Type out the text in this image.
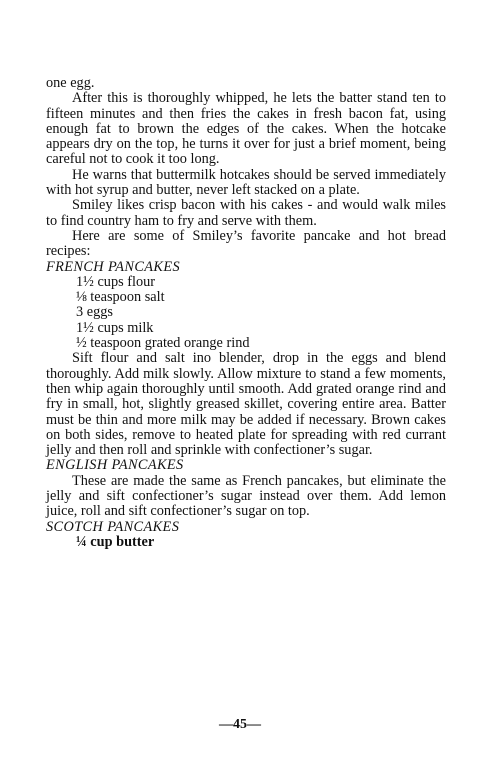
one egg.

After this is thoroughly whipped, he lets the batter stand ten to fifteen minutes and then fries the cakes in fresh bacon fat, using enough fat to brown the edges of the cakes. When the hotcake appears dry on the top, he turns it over for just a brief moment, being careful not to cook it too long.

He warns that buttermilk hotcakes should be served immediately with hot syrup and butter, never left stacked on a plate.

Smiley likes crisp bacon with his cakes - and would walk miles to find country ham to fry and serve with them.

Here are some of Smiley’s favorite pancake and hot bread recipes:

FRENCH PANCAKES

1½ cups flour

⅛ teaspoon salt

3 eggs

1½ cups milk

½ teaspoon grated orange rind

Sift flour and salt ino blender, drop in the eggs and blend thoroughly. Add milk slowly. Allow mixture to stand a few moments, then whip again thoroughly until smooth. Add grated orange rind and fry in small, hot, slightly greased skillet, covering entire area. Batter must be thin and more milk may be added if necessary. Brown cakes on both sides, remove to heated plate for spreading with red currant jelly and then roll and sprinkle with confectioner’s sugar.

ENGLISH PANCAKES

These are made the same as French pancakes, but eliminate the jelly and sift confectioner’s sugar instead over them. Add lemon juice, roll and sift confectioner’s sugar on top.

SCOTCH PANCAKES

¼ cup butter

—45—
